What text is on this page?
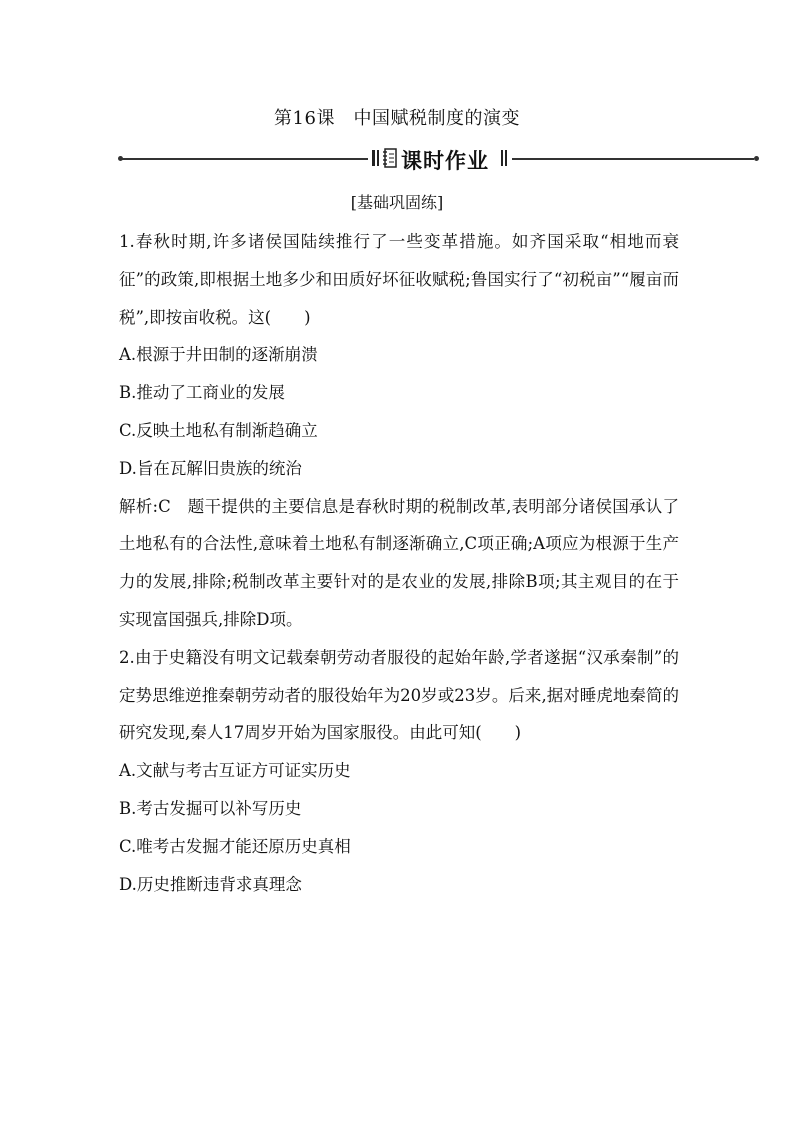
第16课　中国赋税制度的演变
课时作业
[基础巩固练]

1.春秋时期,许多诸侯国陆续推行了一些变革措施。如齐国采取“相地而衰征”的政策,即根据土地多少和田质好坏征收赋税;鲁国实行了“初税亩”“履亩而税”,即按亩收税。这(　　)

A.根源于井田制的逐渐崩溃

B.推动了工商业的发展

C.反映土地私有制渐趋确立

D.旨在瓦解旧贵族的统治

解析:C　题干提供的主要信息是春秋时期的税制改革,表明部分诸侯国承认了土地私有的合法性,意味着土地私有制逐渐确立,C项正确;A项应为根源于生产力的发展,排除;税制改革主要针对的是农业的发展,排除B项;其主观目的在于实现富国强兵,排除D项。

2.由于史籍没有明文记载秦朝劳动者服役的起始年龄,学者遂据“汉承秦制”的定势思维逆推秦朝劳动者的服役始年为20岁或23岁。后来,据对睡虎地秦简的研究发现,秦人17周岁开始为国家服役。由此可知(　　)

A.文献与考古互证方可证实历史

B.考古发掘可以补写历史

C.唯考古发掘才能还原历史真相

D.历史推断违背求真理念
